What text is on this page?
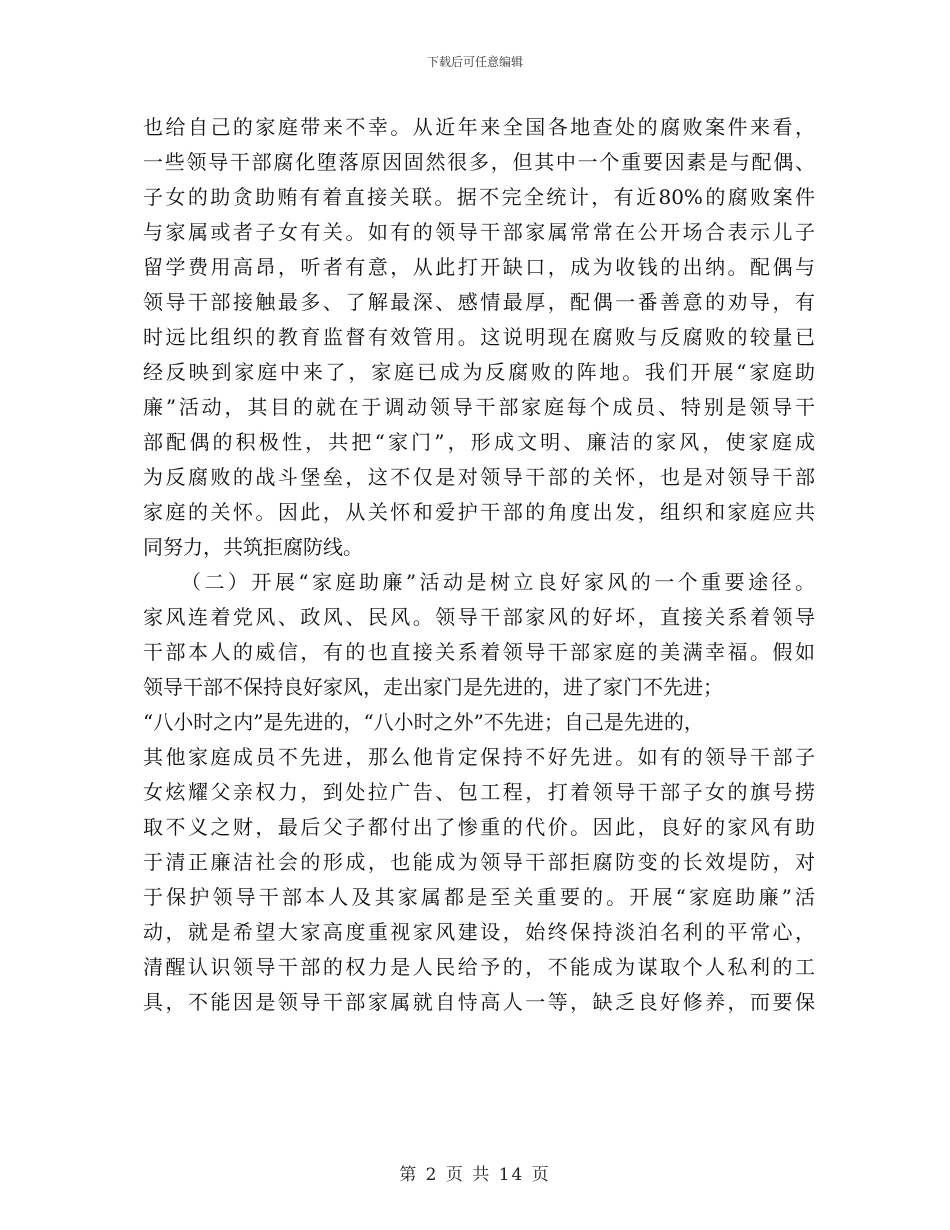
下载后可任意编辑
也给自己的家庭带来不幸。从近年来全国各地查处的腐败案件来看，
一些领导干部腐化堕落原因固然很多，但其中一个重要因素是与配偶、
子女的助贪助贿有着直接关联。据不完全统计，有近80%的腐败案件
与家属或者子女有关。如有的领导干部家属常常在公开场合表示儿子
留学费用高昂，听者有意，从此打开缺口，成为收钱的出纳。配偶与
领导干部接触最多、了解最深、感情最厚，配偶一番善意的劝导，有
时远比组织的教育监督有效管用。这说明现在腐败与反腐败的较量已
经反映到家庭中来了，家庭已成为反腐败的阵地。我们开展“家庭助
廉”活动，其目的就在于调动领导干部家庭每个成员、特别是领导干
部配偶的积极性，共把“家门”，形成文明、廉洁的家风，使家庭成
为反腐败的战斗堡垒，这不仅是对领导干部的关怀，也是对领导干部
家庭的关怀。因此，从关怀和爱护干部的角度出发，组织和家庭应共
同努力，共筑拒腐防线。
（二）开展“家庭助廉”活动是树立良好家风的一个重要途径。
家风连着党风、政风、民风。领导干部家风的好坏，直接关系着领导
干部本人的威信，有的也直接关系着领导干部家庭的美满幸福。假如
领导干部不保持良好家风，走出家门是先进的，进了家门不先进；
“八小时之内”是先进的，“八小时之外”不先进；自己是先进的，
其他家庭成员不先进，那么他肯定保持不好先进。如有的领导干部子
女炫耀父亲权力，到处拉广告、包工程，打着领导干部子女的旗号捞
取不义之财，最后父子都付出了惨重的代价。因此，良好的家风有助
于清正廉洁社会的形成，也能成为领导干部拒腐防变的长效堤防，对
于保护领导干部本人及其家属都是至关重要的。开展“家庭助廉”活
动，就是希望大家高度重视家风建设，始终保持淡泊名利的平常心，
清醒认识领导干部的权力是人民给予的，不能成为谋取个人私利的工
具，不能因是领导干部家属就自恃高人一等，缺乏良好修养，而要保
第 2 页 共 14 页
